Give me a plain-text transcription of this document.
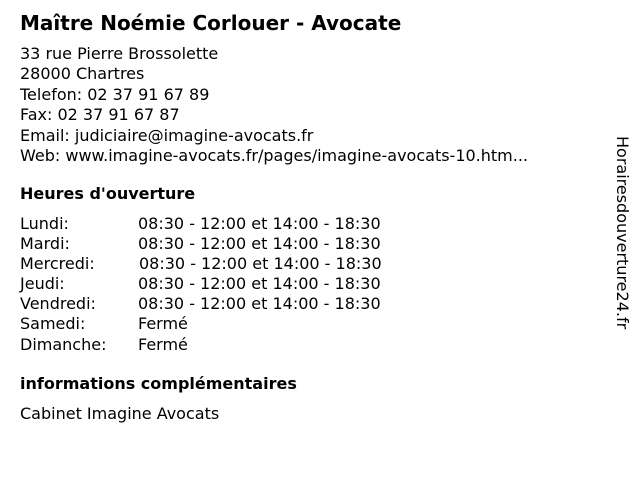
Maître Noémie Corlouer - Avocate
33 rue Pierre Brossolette
28000 Chartres
Telefon: 02 37 91 67 89
Fax: 02 37 91 67 87
Email: judiciaire@imagine-avocats.fr
Web: www.imagine-avocats.fr/pages/imagine-avocats-10.htm...
Heures d'ouverture
Lundi:	08:30 - 12:00 et 14:00 - 18:30
Mardi:	08:30 - 12:00 et 14:00 - 18:30
Mercredi:	08:30 - 12:00 et 14:00 - 18:30
Jeudi:	08:30 - 12:00 et 14:00 - 18:30
Vendredi:	08:30 - 12:00 et 14:00 - 18:30
Samedi:	Fermé
Dimanche: Fermé
informations complémentaires
Cabinet Imagine Avocats
Horairesdouverture24.fr
